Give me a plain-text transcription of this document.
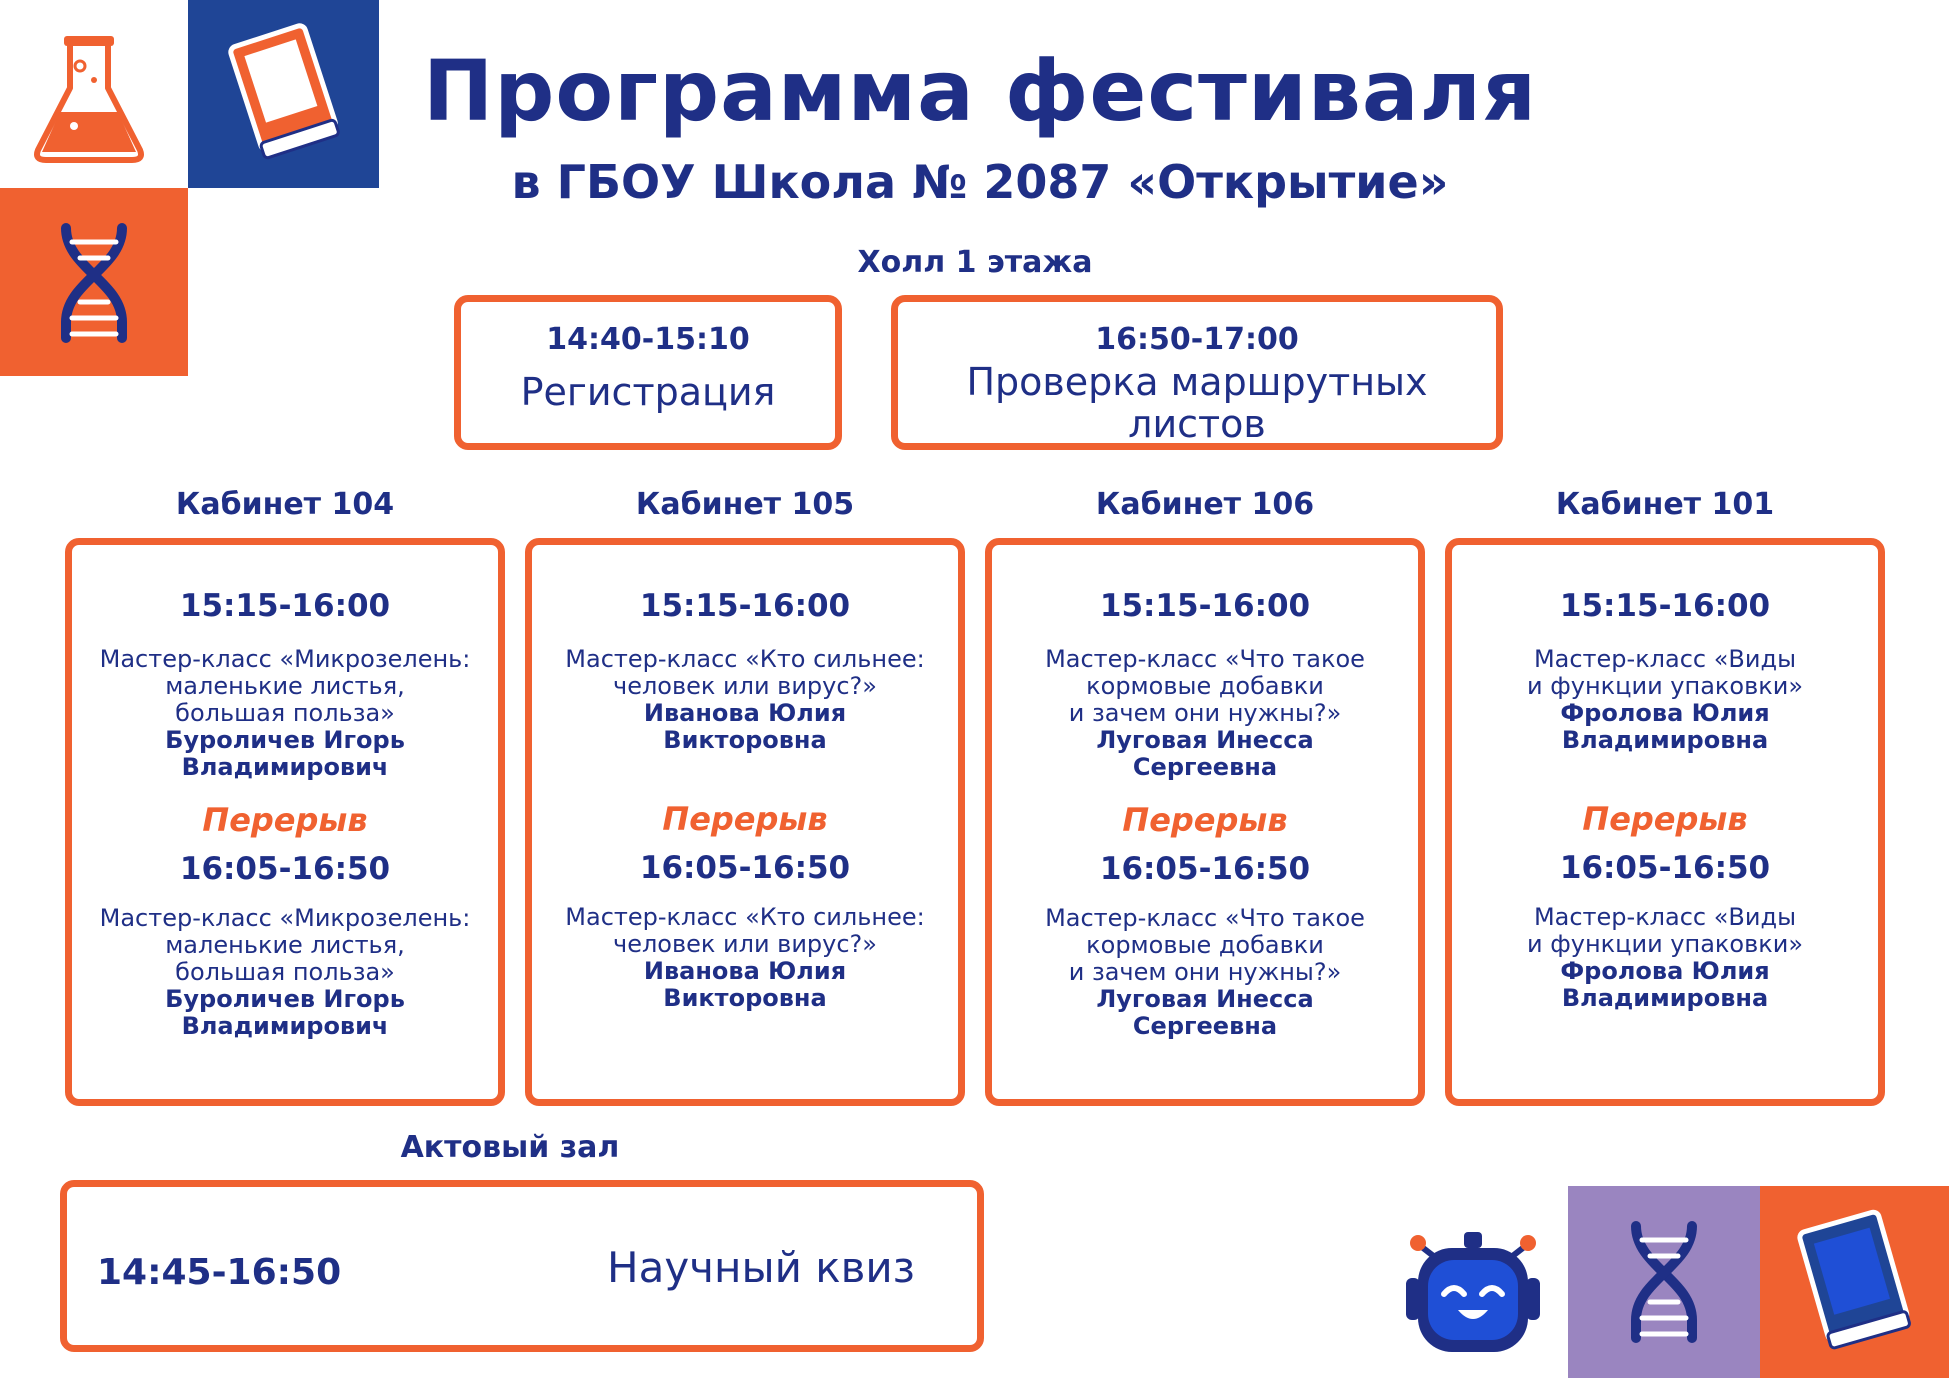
Программа фестиваля
в ГБОУ Школа № 2087 «Открытие»
Холл 1 этажа
14:40-15:10
Регистрация
16:50-17:00
Проверка маршрутных
листов
Кабинет 104	Кабинет 105	Кабинет 106	Кабинет 101
15:15-16:00
Мастер-класс «Микрозелень:
маленькие листья,
большая польза»
Буроличев Игорь
Владимирович
Перерыв
16:05-16:50
Мастер-класс «Микрозелень:
маленькие листья,
большая польза»
Буроличев Игорь
Владимирович
15:15-16:00
Мастер-класс «Кто сильнее:
человек или вирус?»
Иванова Юлия
Викторовна
Перерыв
16:05-16:50
Мастер-класс «Кто сильнее:
человек или вирус?»
Иванова Юлия
Викторовна
15:15-16:00
Мастер-класс «Что такое
кормовые добавки
и зачем они нужны?»
Луговая Инесса
Сергеевна
Перерыв
16:05-16:50
Мастер-класс «Что такое
кормовые добавки
и зачем они нужны?»
Луговая Инесса
Сергеевна
15:15-16:00
Мастер-класс «Виды
и функции упаковки»
Фролова Юлия
Владимировна
Перерыв
16:05-16:50
Мастер-класс «Виды
и функции упаковки»
Фролова Юлия
Владимировна
Актовый зал
14:45-16:50	Научный квиз
